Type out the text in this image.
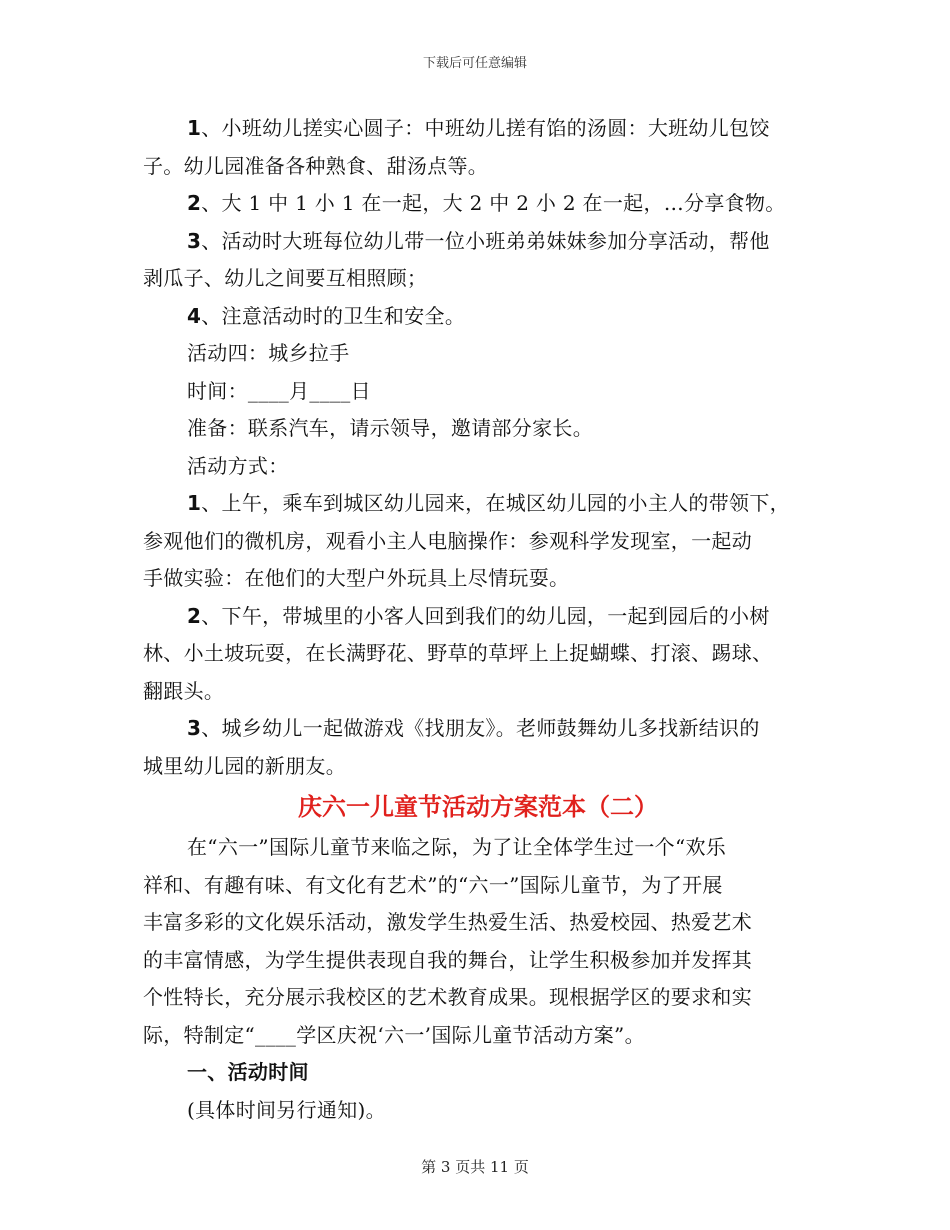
下载后可任意编辑
1、小班幼儿搓实心圆子：中班幼儿搓有馅的汤圆：大班幼儿包饺
子。幼儿园准备各种熟食、甜汤点等。
2、大 1 中 1 小 1 在一起，大 2 中 2 小 2 在一起，…分享食物。
3、活动时大班每位幼儿带一位小班弟弟妹妹参加分享活动，帮他
剥瓜子、幼儿之间要互相照顾；
4、注意活动时的卫生和安全。
活动四：城乡拉手
时间：____月____日
准备：联系汽车，请示领导，邀请部分家长。
活动方式：
1、上午，乘车到城区幼儿园来，在城区幼儿园的小主人的带领下，
参观他们的微机房，观看小主人电脑操作：参观科学发现室，一起动
手做实验：在他们的大型户外玩具上尽情玩耍。
2、下午，带城里的小客人回到我们的幼儿园，一起到园后的小树
林、小土坡玩耍，在长满野花、野草的草坪上上捉蝴蝶、打滚、踢球、
翻跟头。
3、城乡幼儿一起做游戏《找朋友》。老师鼓舞幼儿多找新结识的
城里幼儿园的新朋友。
庆六一儿童节活动方案范本（二）
在“六一”国际儿童节来临之际，为了让全体学生过一个“欢乐
祥和、有趣有味、有文化有艺术”的“六一”国际儿童节，为了开展
丰富多彩的文化娱乐活动，激发学生热爱生活、热爱校园、热爱艺术
的丰富情感，为学生提供表现自我的舞台，让学生积极参加并发挥其
个性特长，充分展示我校区的艺术教育成果。现根据学区的要求和实
际，特制定“____学区庆祝‘六一’国际儿童节活动方案”。
一、活动时间
(具体时间另行通知)。
第 3 页共 11 页
